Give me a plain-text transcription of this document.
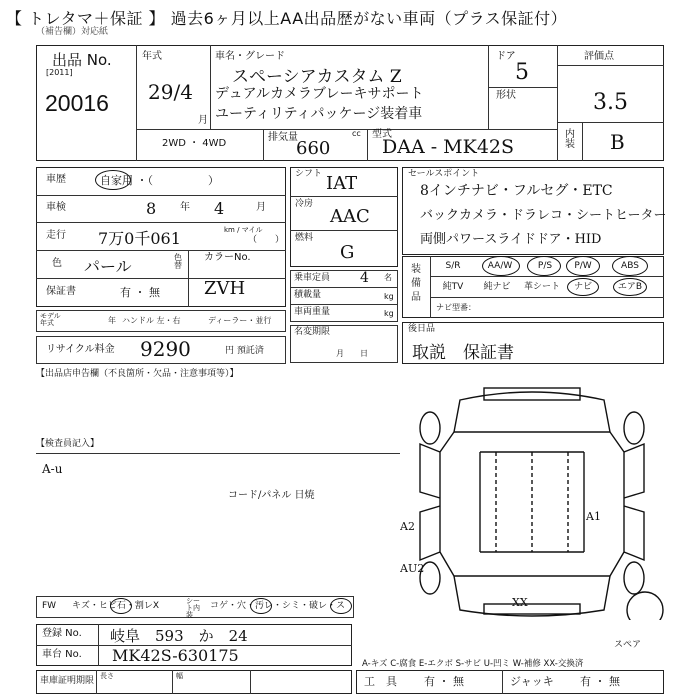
【 トレタマ＋保証 】 過去6ヶ月以上AA出品歴がない車両（プラス保証付）
（補告欄）対応紙
出品 No.
[2011]
20016
年式
29/4
月
車名・グレード
スペーシアカスタム Z
デュアルカメラブレーキサポート
ユーティリティパッケージ装着車
ドア
5
形状
評価点
3.5
内装 B
2WD ・ 4WD
排気量
660
cc 型式
DAA - MK42S
車歴	自家用 ・（　　　　　）
車検	8 年 4	月
走行 7万0千061	km / マイル
（　　）
色 パール	色替
カラーNo.
ZVH
保証書	有 ・ 無
モデル年式	年 ハンドル 左・右	ディーラー・並行
リサイクル料金 9290	円 預託済
【出品店申告欄（不良箇所・欠品・注意事項等）】
シフト IAT
冷房
AAC
燃料
G
乗車定員 4 名
積載量	kg
車両重量	kg
名変期限
月　　日
セールスポイント
8インチナビ・フルセグ・ETC
バックカメラ・ドラレコ・シートヒーター
両側パワースライドドア・HID
装備品
S/R	AA/W	P/S	P/W	ABS
純TV	純ナビ	革シート	ナビ	エアB
ナビ型番：
後日品
取説　保証書
【検査員記入】
A-u
コード/パネル 日焼
A2
A1
AU2
XX
スペア
FW キズ・ヒビ石・割レX	シート内装
コゲ・穴・汚レ・シミ・破レ・ス
登録 No. 岐阜　593　か　24
車台 No. MK42S-630175	A-キズ C-腐食 E-エクボ S-サビ U-凹ミ W-補修 XX-交換済
車庫証明期限 長さ	幅	工　具 有 ・ 無	ジャッキ 有 ・ 無
